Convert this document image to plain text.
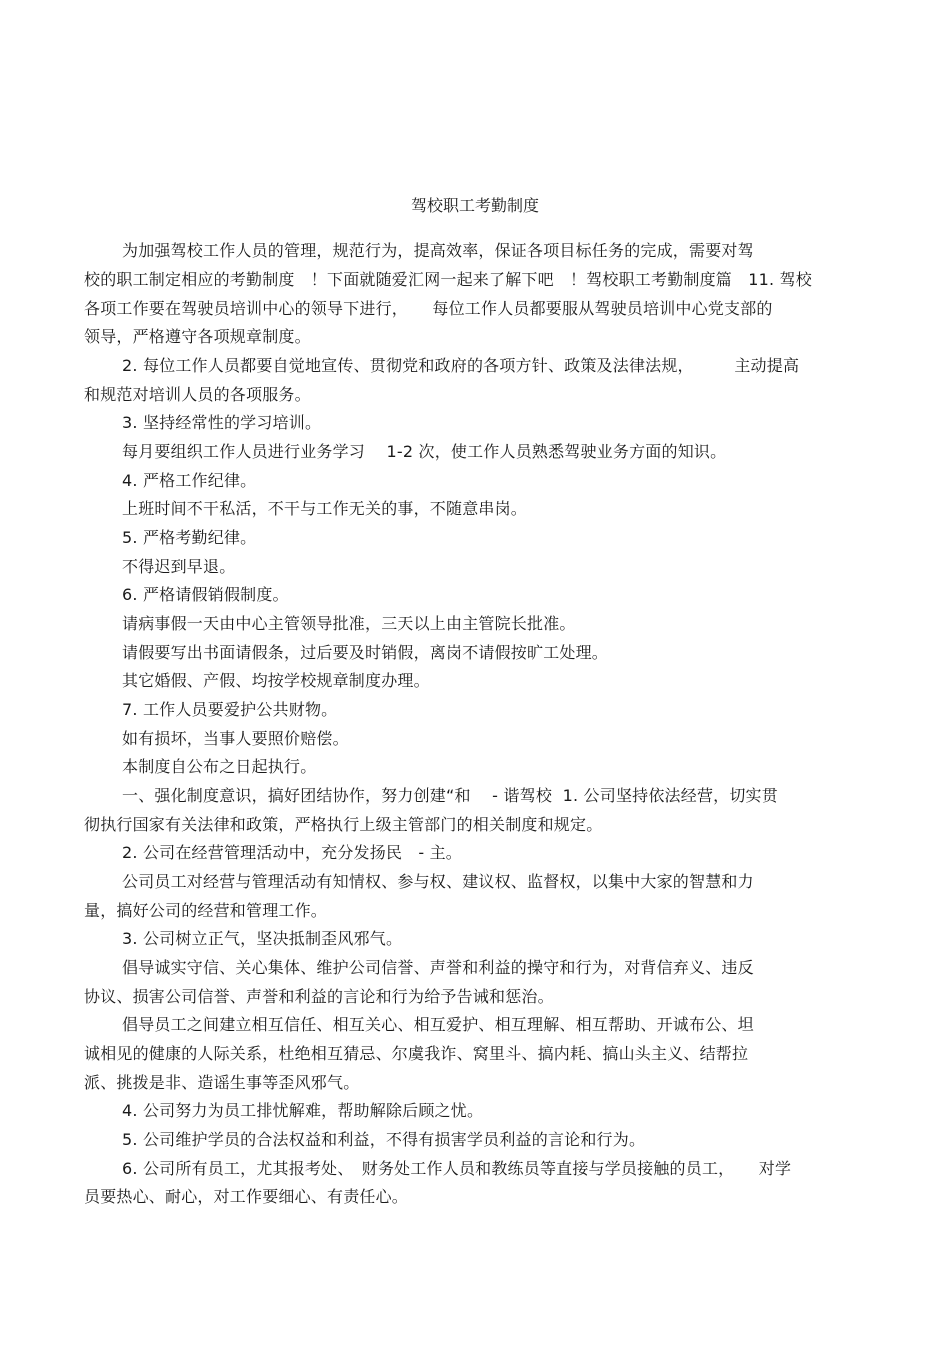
驾校职工考勤制度
为加强驾校工作人员的管理，规范行为，提高效率，保证各项目标任务的完成，需要对驾
校的职工制定相应的考勤制度　！下面就随爱汇网一起来了解下吧　！驾校职工考勤制度篇　11. 驾校
各项工作要在驾驶员培训中心的领导下进行，　　每位工作人员都要服从驾驶员培训中心党支部的
领导，严格遵守各项规章制度。
2. 每位工作人员都要自觉地宣传、贯彻党和政府的各项方针、政策及法律法规，　　　主动提高
和规范对培训人员的各项服务。
3. 坚持经常性的学习培训。
每月要组织工作人员进行业务学习　 1-2 次，使工作人员熟悉驾驶业务方面的知识。
4. 严格工作纪律。
上班时间不干私活，不干与工作无关的事，不随意串岗。
5. 严格考勤纪律。
不得迟到早退。
6. 严格请假销假制度。
请病事假一天由中心主管领导批准，三天以上由主管院长批准。
请假要写出书面请假条，过后要及时销假，离岗不请假按旷工处理。
其它婚假、产假、均按学校规章制度办理。
7. 工作人员要爱护公共财物。
如有损坏，当事人要照价赔偿。
本制度自公布之日起执行。
一、强化制度意识，搞好团结协作，努力创建“和　 - 谐驾校  1. 公司坚持依法经营，切实贯
彻执行国家有关法律和政策，严格执行上级主管部门的相关制度和规定。
2. 公司在经营管理活动中，充分发扬民　- 主。
公司员工对经营与管理活动有知情权、参与权、建议权、监督权，以集中大家的智慧和力
量，搞好公司的经营和管理工作。
3. 公司树立正气，坚决抵制歪风邪气。
倡导诚实守信、关心集体、维护公司信誉、声誉和利益的操守和行为，对背信弃义、违反
协议、损害公司信誉、声誉和利益的言论和行为给予告诫和惩治。
倡导员工之间建立相互信任、相互关心、相互爱护、相互理解、相互帮助、开诚布公、坦
诚相见的健康的人际关系，杜绝相互猜忌、尔虞我诈、窝里斗、搞内耗、搞山头主义、结帮拉
派、挑拨是非、造谣生事等歪风邪气。
4. 公司努力为员工排忧解难，帮助解除后顾之忧。
5. 公司维护学员的合法权益和利益，不得有损害学员利益的言论和行为。
6. 公司所有员工，尤其报考处、　财务处工作人员和教练员等直接与学员接触的员工，　　对学
员要热心、耐心，对工作要细心、有责任心。
